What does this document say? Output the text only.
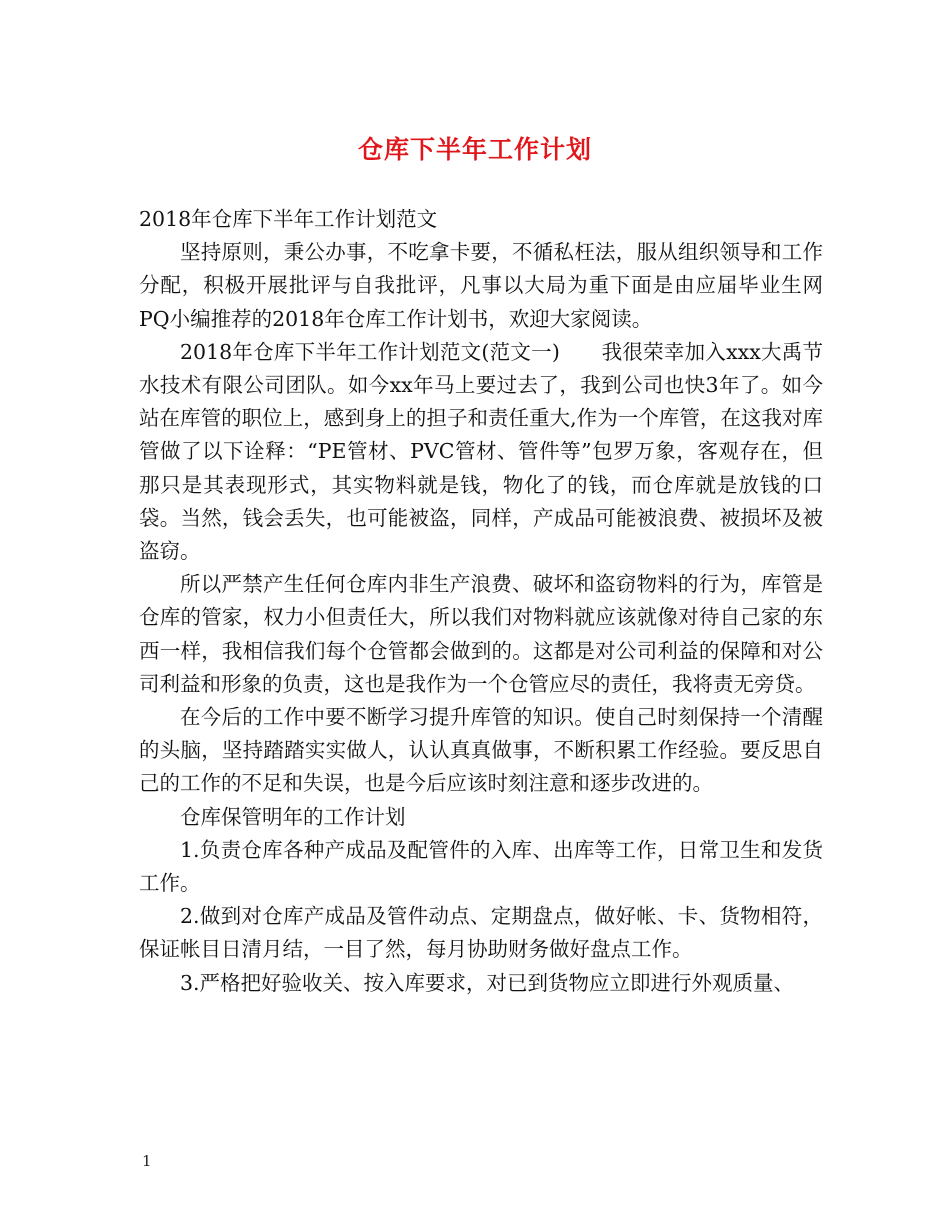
仓库下半年工作计划

2018年仓库下半年工作计划范文

坚持原则，秉公办事，不吃拿卡要，不循私枉法，服从组织领导和工作分配，积极开展批评与自我批评，凡事以大局为重下面是由应届毕业生网PQ小编推荐的2018年仓库工作计划书，欢迎大家阅读。

2018年仓库下半年工作计划范文(范文一)　　我很荣幸加入xxx大禹节水技术有限公司团队。如今xx年马上要过去了，我到公司也快3年了。如今站在库管的职位上，感到身上的担子和责任重大,作为一个库管，在这我对库管做了以下诠释：“PE管材、PVC管材、管件等”包罗万象，客观存在，但那只是其表现形式，其实物料就是钱，物化了的钱，而仓库就是放钱的口袋。当然，钱会丢失，也可能被盗，同样，产成品可能被浪费、被损坏及被盗窃。

所以严禁产生任何仓库内非生产浪费、破坏和盗窃物料的行为，库管是仓库的管家，权力小但责任大，所以我们对物料就应该就像对待自己家的东西一样，我相信我们每个仓管都会做到的。这都是对公司利益的保障和对公司利益和形象的负责，这也是我作为一个仓管应尽的责任，我将责无旁贷。

在今后的工作中要不断学习提升库管的知识。使自己时刻保持一个清醒的头脑，坚持踏踏实实做人，认认真真做事，不断积累工作经验。要反思自己的工作的不足和失误，也是今后应该时刻注意和逐步改进的。

仓库保管明年的工作计划

1.负责仓库各种产成品及配管件的入库、出库等工作，日常卫生和发货工作。

2.做到对仓库产成品及管件动点、定期盘点，做好帐、卡、货物相符，保证帐目日清月结，一目了然，每月协助财务做好盘点工作。

3.严格把好验收关、按入库要求，对已到货物应立即进行外观质量、

1
